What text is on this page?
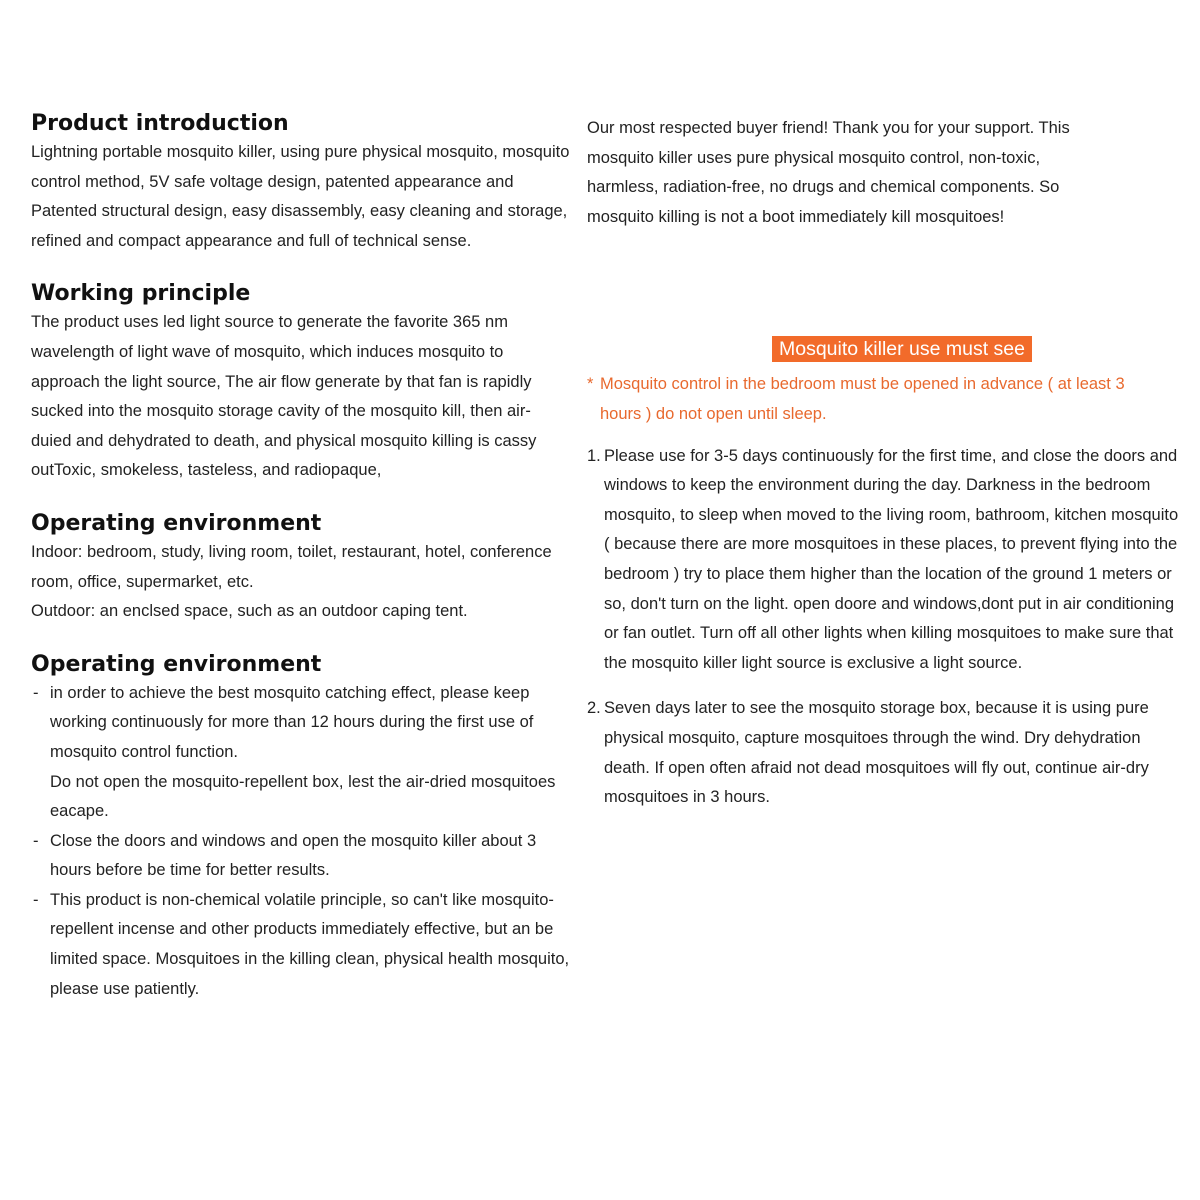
Product introduction

Lightning portable mosquito killer, using pure physical mosquito, mosquito control method, 5V safe voltage design, patented appearance and Patented structural design, easy disassembly, easy cleaning and storage, refined and compact appearance and full of technical sense.

Working principle

The product uses led light source to generate the favorite 365 nm wavelength of light wave of mosquito, which induces mosquito to approach the light source, The air flow generate by that fan is rapidly sucked into the mosquito storage cavity of the mosquito kill, then air-duied and dehydrated to death, and physical mosquito killing is cassy outToxic, smokeless, tasteless, and radiopaque,

Operating environment

Indoor: bedroom, study, living room, toilet, restaurant, hotel, conference room, office, supermarket, etc.

Outdoor: an enclsed space, such as an outdoor caping tent.

Operating environment
- in order to achieve the best mosquito catching effect, please keep working continuously for more than 12 hours during the first use of mosquito control function.
Do not open the mosquito-repellent box, lest the air-dried mosquitoes eacape.
- Close the doors and windows and open the mosquito killer about 3 hours before be time for better results.
- This product is non-chemical volatile principle, so can't like mosquito-repellent incense and other products immediately effective, but an be limited space. Mosquitoes in the killing clean, physical health mosquito, please use patiently.

Our most respected buyer friend! Thank you for your support. This mosquito killer uses pure physical mosquito control, non-toxic, harmless, radiation-free, no drugs and chemical components. So mosquito killing is not a boot immediately kill mosquitoes!

Mosquito killer use must see
* Mosquito control in the bedroom must be opened in advance ( at least 3 hours ) do not open until sleep.
1. Please use for 3-5 days continuously for the first time, and close the doors and windows to keep the environment during the day. Darkness in the bedroom mosquito, to sleep when moved to the living room, bathroom, kitchen mosquito ( because there are more mosquitoes in these places, to prevent flying into the bedroom ) try to place them higher than the location of the ground 1 meters or so, don't turn on the light. open doore and windows,dont put in air conditioning or fan outlet. Turn off all other lights when killing mosquitoes to make sure that the mosquito killer light source is exclusive a light source.
2. Seven days later to see the mosquito storage box, because it is using pure physical mosquito, capture mosquitoes through the wind. Dry dehydration death. If open often afraid not dead mosquitoes will fly out, continue air-dry mosquitoes in 3 hours.
